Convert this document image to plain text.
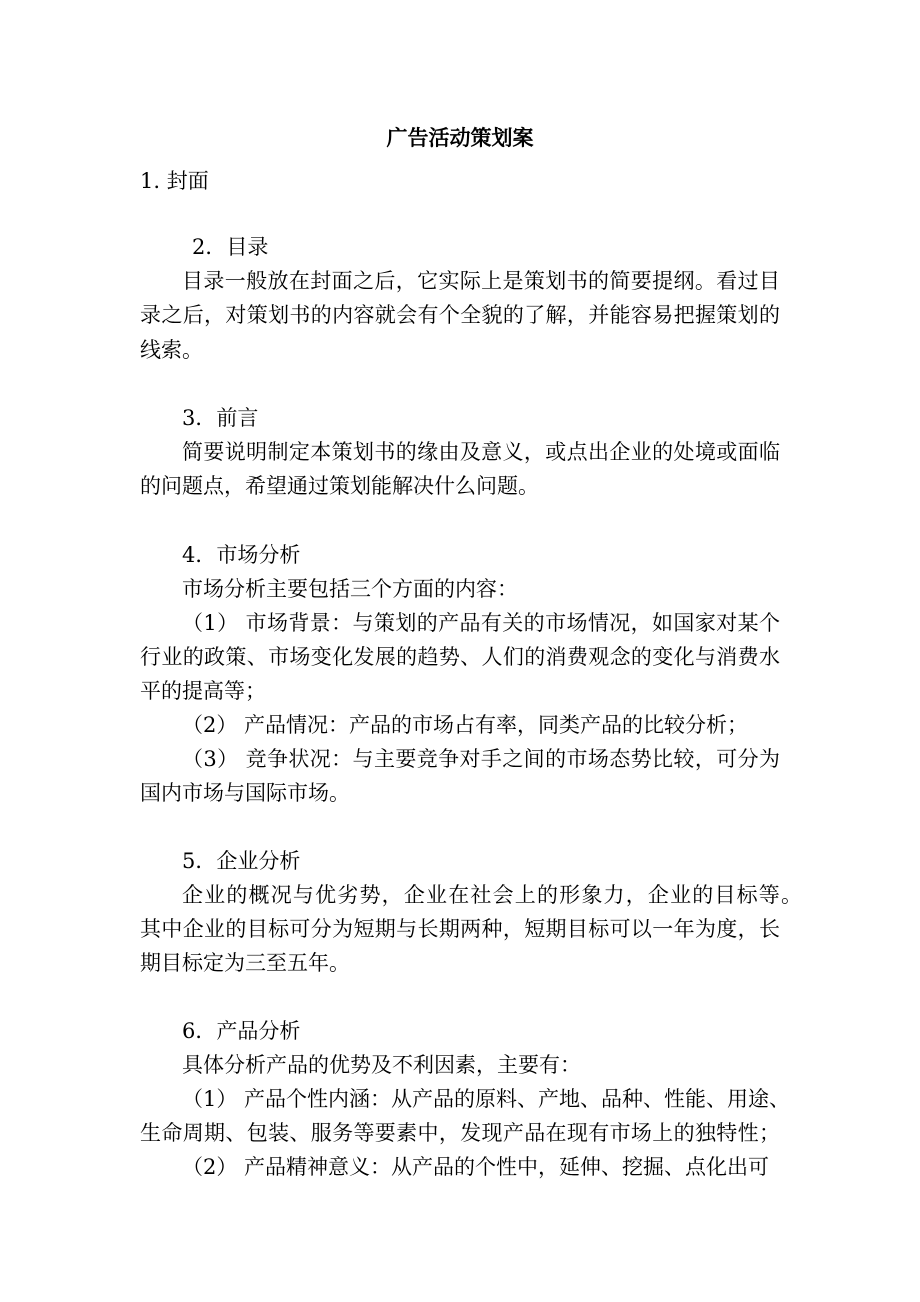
广告活动策划案
1. 封面
2．目录
目录一般放在封面之后，它实际上是策划书的简要提纲。看过目
录之后，对策划书的内容就会有个全貌的了解，并能容易把握策划的
线索。
3．前言
简要说明制定本策划书的缘由及意义，或点出企业的处境或面临
的问题点，希望通过策划能解决什么问题。
4．市场分析
市场分析主要包括三个方面的内容：
（1） 市场背景：与策划的产品有关的市场情况，如国家对某个
行业的政策、市场变化发展的趋势、人们的消费观念的变化与消费水
平的提高等；
（2） 产品情况：产品的市场占有率，同类产品的比较分析；
（3） 竞争状况：与主要竞争对手之间的市场态势比较，可分为
国内市场与国际市场。
5．企业分析
企业的概况与优劣势，企业在社会上的形象力，企业的目标等。
其中企业的目标可分为短期与长期两种，短期目标可以一年为度，长
期目标定为三至五年。
6．产品分析
具体分析产品的优势及不利因素，主要有：
（1） 产品个性内涵：从产品的原料、产地、品种、性能、用途、
生命周期、包装、服务等要素中，发现产品在现有市场上的独特性；
（2） 产品精神意义：从产品的个性中，延伸、挖掘、点化出可
